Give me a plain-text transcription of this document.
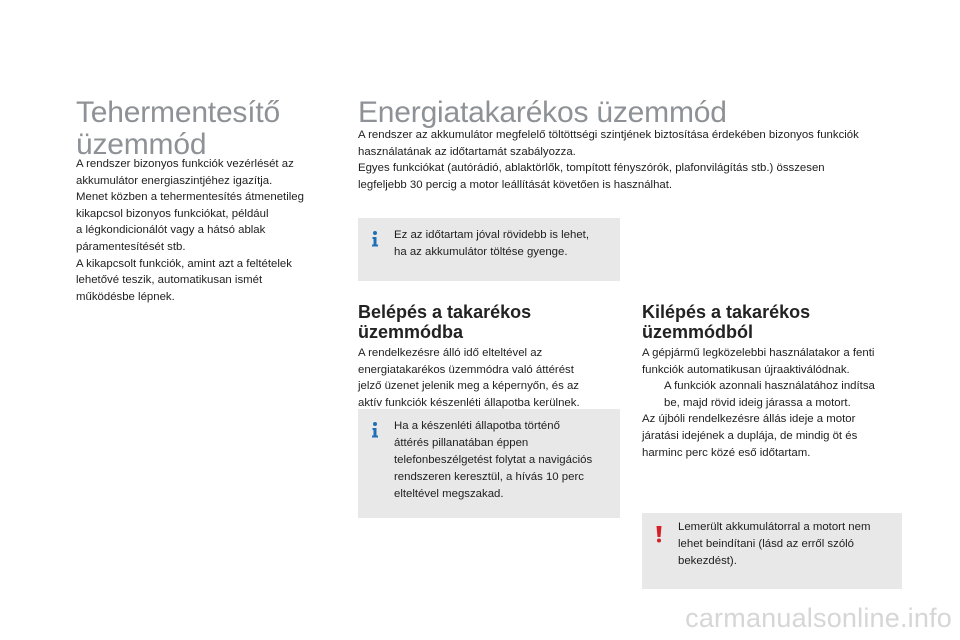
Tehermentesítő
üzemmód

A rendszer bizonyos funkciók vezérlését az

akkumulátor energiaszintjéhez igazítja.

Menet közben a tehermentesítés átmenetileg

kikapcsol bizonyos funkciókat, például

a légkondicionálót vagy a hátsó ablak

páramentesítését stb.

A kikapcsolt funkciók, amint azt a feltételek

lehetővé teszik, automatikusan ismét

működésbe lépnek.

Energiatakarékos üzemmód

A rendszer az akkumulátor megfelelő töltöttségi szintjének biztosítása érdekében bizonyos funkciók

használatának az időtartamát szabályozza.

Egyes funkciókat (autórádió, ablaktörlők, tompított fényszórók, plafonvilágítás stb.) összesen

legfeljebb 30 percig a motor leállítását követően is használhat.

Ez az időtartam jóval rövidebb is lehet,

ha az akkumulátor töltése gyenge.

Belépés a takarékos
üzemmódba

A rendelkezésre álló idő elteltével az

energiatakarékos üzemmódra való áttérést

jelző üzenet jelenik meg a képernyőn, és az

aktív funkciók készenléti állapotba kerülnek.

Ha a készenléti állapotba történő

áttérés pillanatában éppen

telefonbeszélgetést folytat a navigációs

rendszeren keresztül, a hívás 10 perc

elteltével megszakad.

Kilépés a takarékos
üzemmódból

A gépjármű legközelebbi használatakor a fenti

funkciók automatikusan újraaktiválódnak.

A funkciók azonnali használatához indítsa
be, majd rövid ideig járassa a motort.

Az újbóli rendelkezésre állás ideje a motor

járatási idejének a duplája, de mindig öt és

harminc perc közé eső időtartam.

Lemerült akkumulátorral a motort nem

lehet beindítani (lásd az erről szóló

bekezdést).

carmanualsonline.info
